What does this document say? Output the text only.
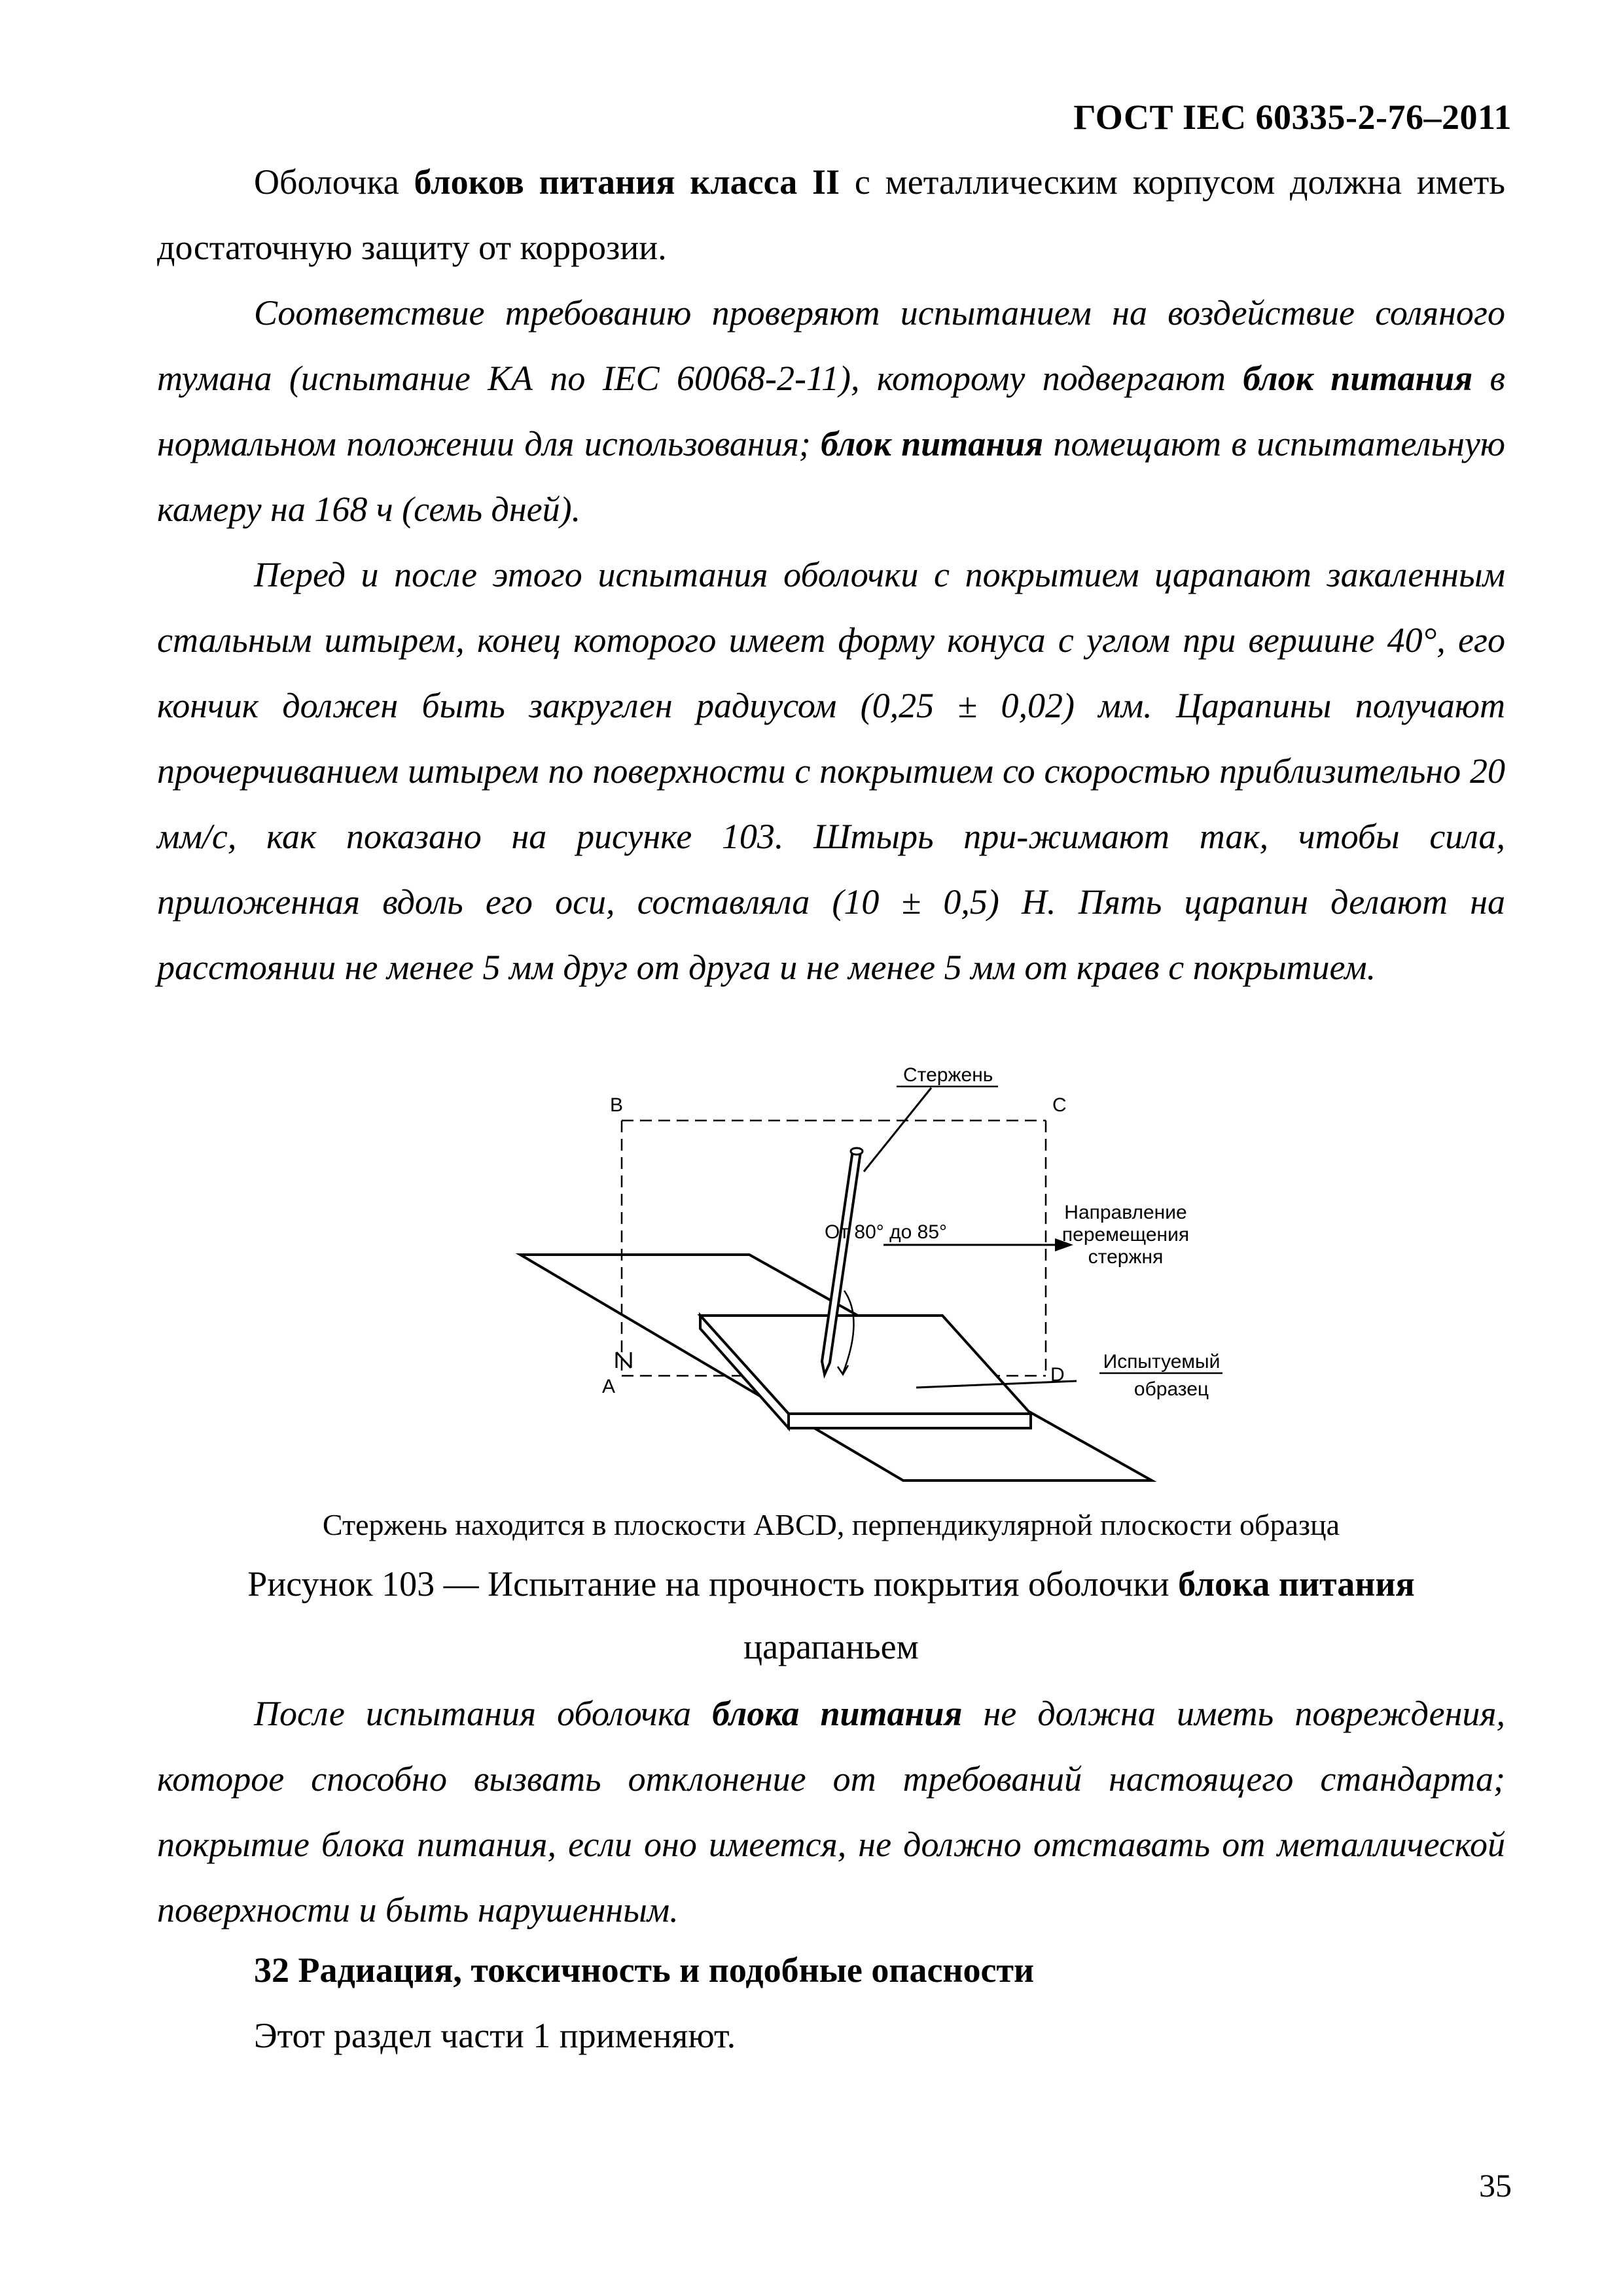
ГОСТ IEC 60335-2-76–2011

Оболочка блоков питания класса II с металлическим корпусом должна иметь достаточную защиту от коррозии.

Соответствие требованию проверяют испытанием на воздействие соляного тумана (испытание КА по IEC 60068-2-11), которому подвергают блок питания в нормальном положении для использования; блок питания помещают в испытательную камеру на 168 ч (семь дней).

Перед и после этого испытания оболочки с покрытием царапают закаленным стальным штырем, конец которого имеет форму конуса с углом при вершине 40°, его кончик должен быть закруглен радиусом (0,25 ± 0,02) мм. Царапины получают прочерчиванием штырем по поверхности с покрытием со скоростью приблизительно 20 мм/с, как показано на рисунке 103. Штырь при-жимают так, чтобы сила, приложенная вдоль его оси, составляла (10 ± 0,5) Н. Пять царапин делают на расстоянии не менее 5 мм друг от друга и не менее 5 мм от краев с покрытием.

Стержень
B	C
A
D
От 80° до 85°
Направление
перемещения
стержня
Испытуемый
образец
Стержень находится в плоскости ABCD, перпендикулярной плоскости образца
Рисунок 103 — Испытание на прочность покрытия оболочки блока питания царапаньем

После испытания оболочка блока питания не должна иметь повреждения, которое способно вызвать отклонение от требований настоящего стандарта; покрытие блока питания, если оно имеется, не должно отставать от металлической поверхности и быть нарушенным.

32 Радиация, токсичность и подобные опасности
Этот раздел части 1 применяют.
35
